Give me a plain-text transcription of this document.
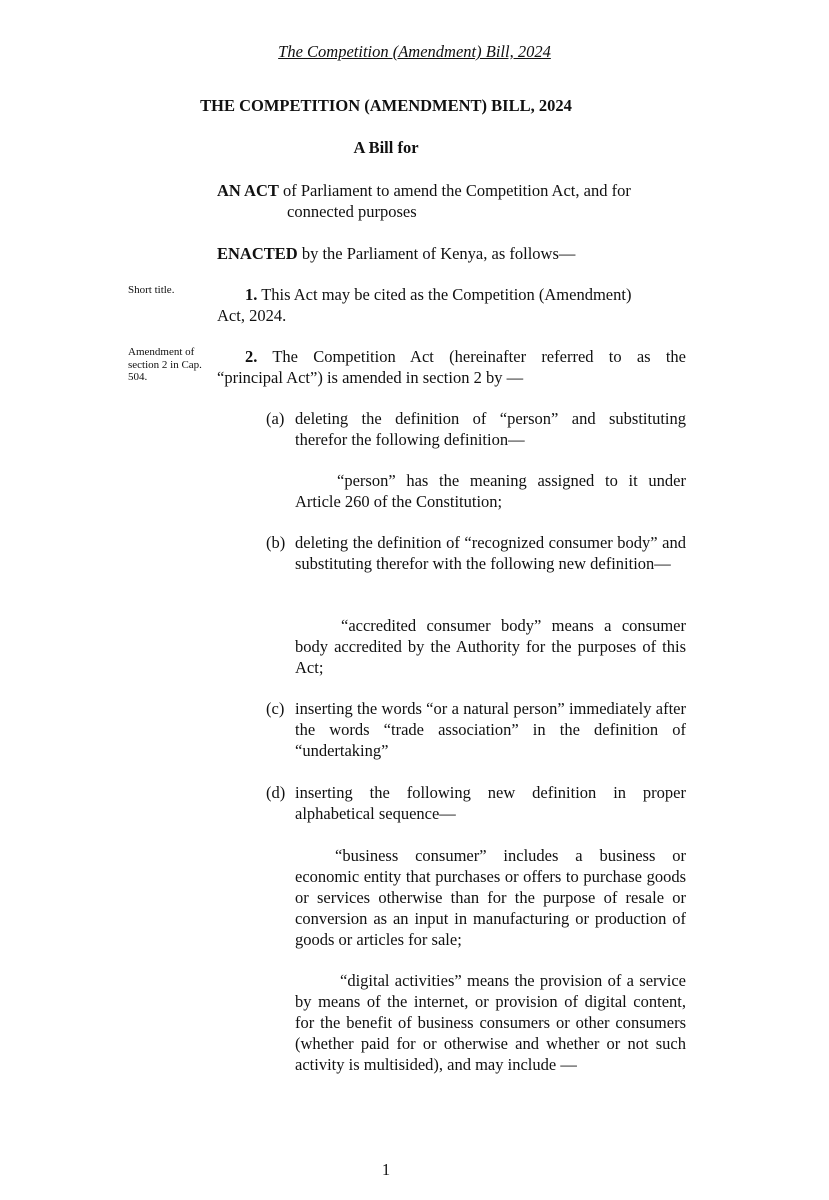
The Competition (Amendment) Bill, 2024
THE COMPETITION (AMENDMENT) BILL, 2024
A Bill for
AN ACT of Parliament to amend the Competition Act, and for
connected purposes
ENACTED by the Parliament of Kenya, as follows—
Short title.	1. This Act may be cited as the Competition (Amendment)
Act, 2024.
Amendment of section 2 in Cap. 504.
2. The Competition Act (hereinafter referred to as the
“principal Act”) is amended in section 2 by —
(a) deleting the definition of “person” and substituting therefor the following definition—
“person” has the meaning assigned to it under Article 260 of the Constitution;
(b) deleting the definition of “recognized consumer body” and substituting therefor with the following new definition—
“accredited consumer body” means a consumer body accredited by the Authority for the purposes of this Act;
(c) inserting the words “or a natural person” immediately after the words “trade association” in the definition of “undertaking”
(d) inserting the following new definition in proper alphabetical sequence—
“business consumer” includes a business or economic entity that purchases or offers to purchase goods or services otherwise than for the purpose of resale or conversion as an input in manufacturing or production of goods or articles for sale;
“digital activities” means the provision of a service by means of the internet, or provision of digital content, for the benefit of business consumers or other consumers (whether paid for or otherwise and whether or not such activity is multisided), and may include —
1
